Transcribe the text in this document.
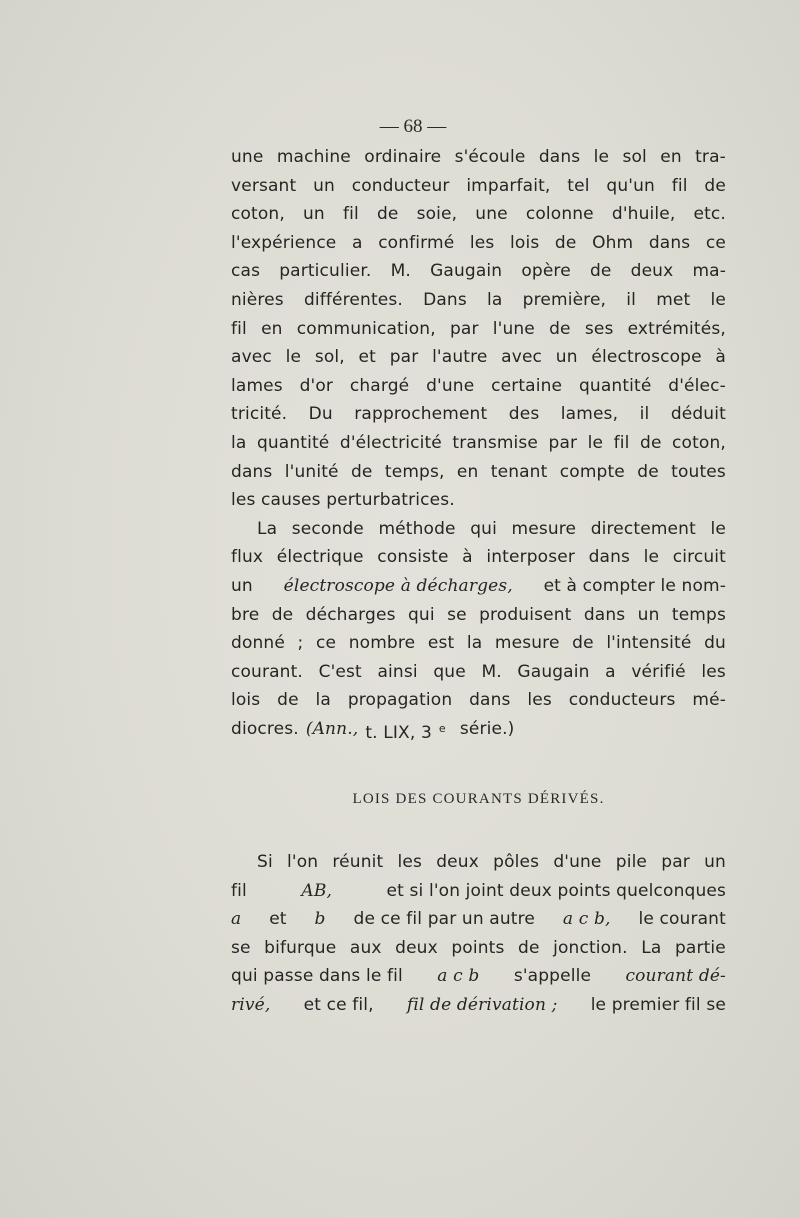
— 68 —
une machine ordinaire s'écoule dans le sol en tra-
versant un conducteur imparfait, tel qu'un fil de
coton, un fil de soie, une colonne d'huile, etc.
l'expérience a confirmé les lois de Ohm dans ce
cas particulier. M. Gaugain opère de deux ma-
nières différentes. Dans la première, il met le
fil en communication, par l'une de ses extrémités,
avec le sol, et par l'autre avec un électroscope à
lames d'or chargé d'une certaine quantité d'élec-
tricité. Du rapprochement des lames, il déduit
la quantité d'électricité transmise par le fil de coton,
dans l'unité de temps, en tenant compte de toutes
les causes perturbatrices.
La seconde méthode qui mesure directement le
flux électrique consiste à interposer dans le circuit
un électroscope à décharges, et à compter le nom-
bre de décharges qui se produisent dans un temps
donné ; ce nombre est la mesure de l'intensité du
courant. C'est ainsi que M. Gaugain a vérifié les
lois de la propagation dans les conducteurs mé-
diocres. (Ann., t. LIX, 3 $^e$ série.)
LOIS DES COURANTS DÉRIVÉS.
Si l'on réunit les deux pôles d'une pile par un
fil	AB,	et si l'on joint deux points quelconques
a et b de ce fil par un autre a c b, le courant
se bifurque aux deux points de jonction. La partie
qui passe dans le fil a c b s'appelle courant dé-
rivé, et ce fil, fil de dérivation ; le premier fil se
